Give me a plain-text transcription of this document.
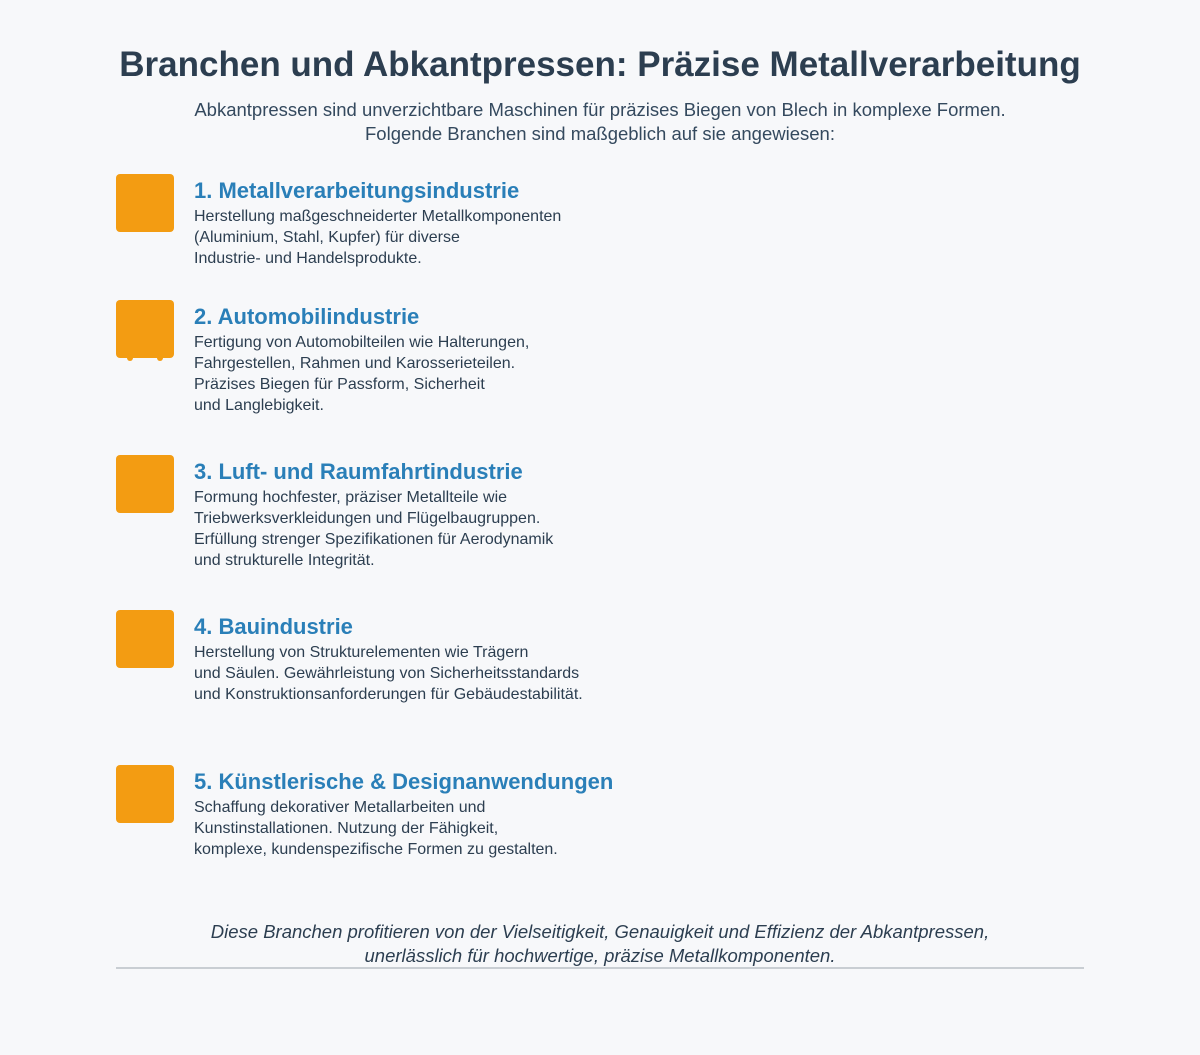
Branchen und Abkantpressen: Präzise Metallverarbeitung
Abkantpressen sind unverzichtbare Maschinen für präzises Biegen von Blech in komplexe Formen.
Folgende Branchen sind maßgeblich auf sie angewiesen:
1. Metallverarbeitungsindustrie
Herstellung maßgeschneiderter Metallkomponenten
(Aluminium, Stahl, Kupfer) für diverse
Industrie- und Handelsprodukte.
2. Automobilindustrie
Fertigung von Automobilteilen wie Halterungen,
Fahrgestellen, Rahmen und Karosserieteilen.
Präzises Biegen für Passform, Sicherheit
und Langlebigkeit.
3. Luft- und Raumfahrtindustrie
Formung hochfester, präziser Metallteile wie
Triebwerksverkleidungen und Flügelbaugruppen.
Erfüllung strenger Spezifikationen für Aerodynamik
und strukturelle Integrität.
4. Bauindustrie
Herstellung von Strukturelementen wie Trägern
und Säulen. Gewährleistung von Sicherheitsstandards
und Konstruktionsanforderungen für Gebäudestabilität.
5. Künstlerische & Designanwendungen
Schaffung dekorativer Metallarbeiten und
Kunstinstallationen. Nutzung der Fähigkeit,
komplexe, kundenspezifische Formen zu gestalten.
Diese Branchen profitieren von der Vielseitigkeit, Genauigkeit und Effizienz der Abkantpressen,
unerlässlich für hochwertige, präzise Metallkomponenten.
